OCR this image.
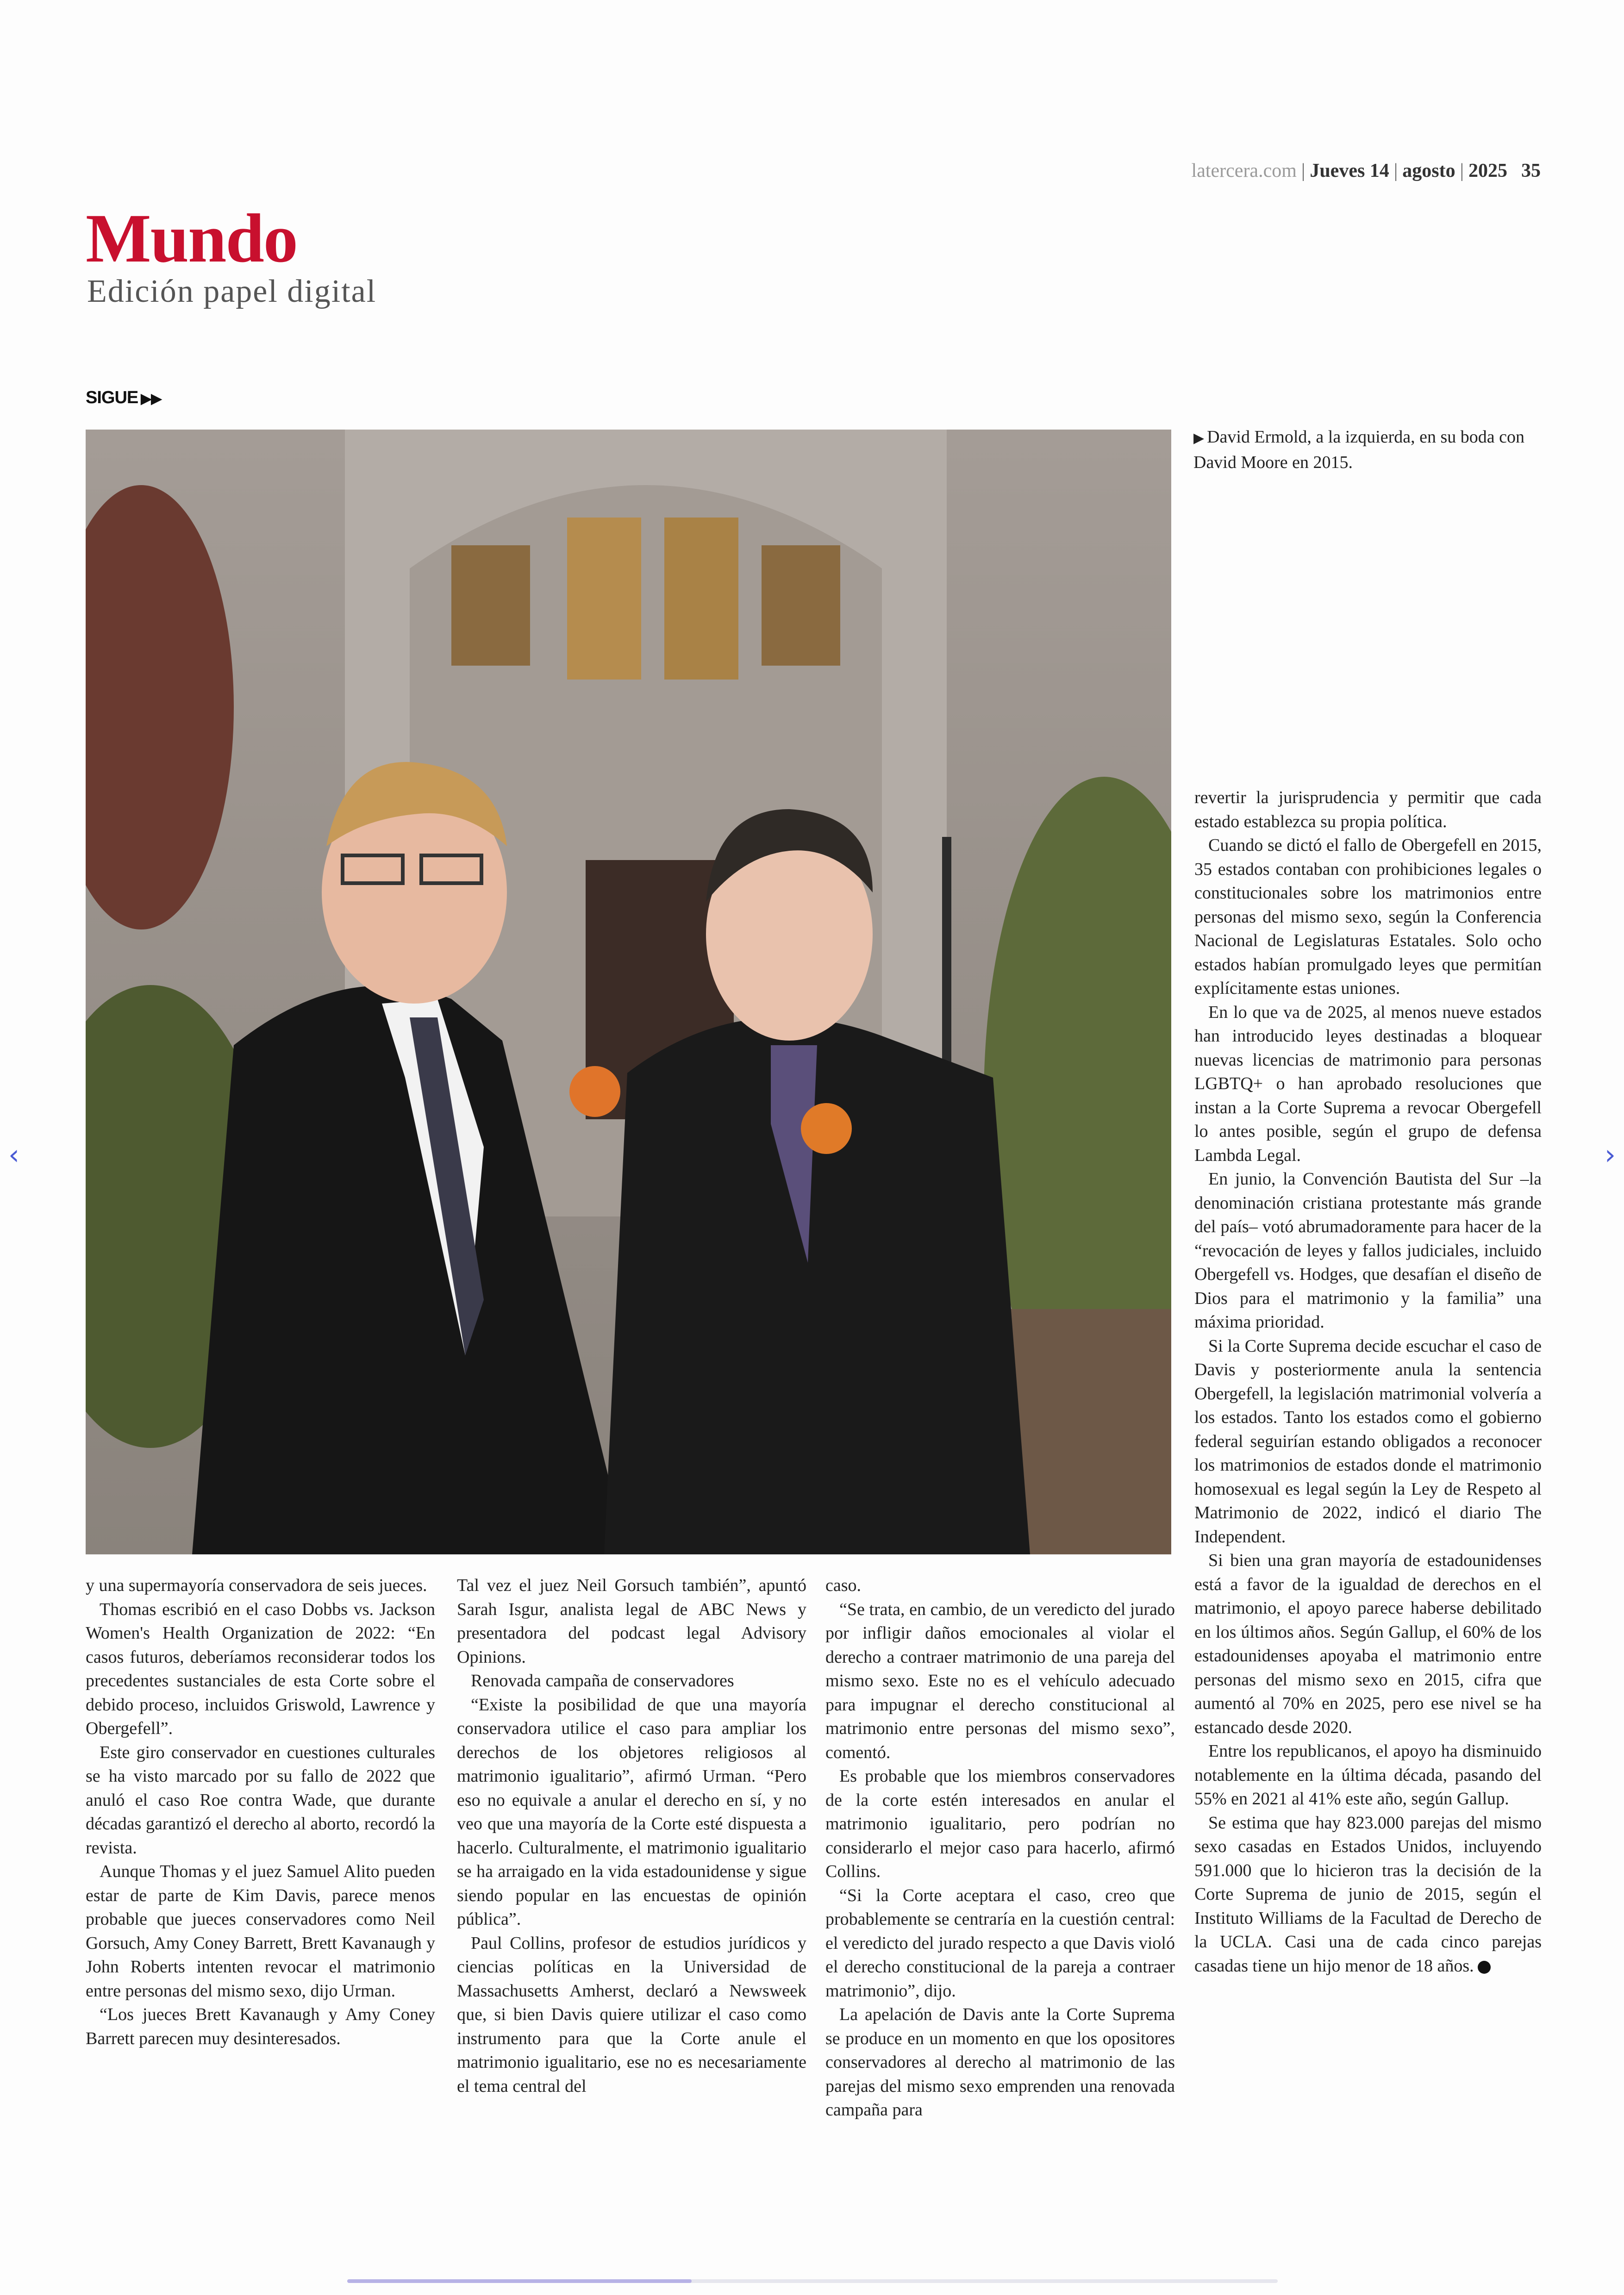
latercera.com | Jueves 14 | agosto | 2025 35
Mundo
Edición papel digital
SIGUE ▶▶
▶ David Ermold, a la izquierda, en su boda con David Moore en 2015.

y una supermayoría conservadora de seis jueces.

Thomas escribió en el caso Dobbs vs. Jackson Women's Health Organization de 2022: “En casos futuros, deberíamos reconsiderar todos los precedentes sustanciales de esta Corte sobre el debido proceso, incluidos Griswold, Lawrence y Obergefell”.

Este giro conservador en cuestiones culturales se ha visto marcado por su fallo de 2022 que anuló el caso Roe contra Wade, que durante décadas garantizó el derecho al aborto, recordó la revista.

Aunque Thomas y el juez Samuel Alito pueden estar de parte de Kim Davis, parece menos probable que jueces conservadores como Neil Gorsuch, Amy Coney Barrett, Brett Kavanaugh y John Roberts intenten revocar el matrimonio entre personas del mismo sexo, dijo Urman.

“Los jueces Brett Kavanaugh y Amy Coney Barrett parecen muy desinteresados.

Tal vez el juez Neil Gorsuch también”, apuntó Sarah Isgur, analista legal de ABC News y presentadora del podcast legal Advisory Opinions.

Renovada campaña de conservadores

“Existe la posibilidad de que una mayoría conservadora utilice el caso para ampliar los derechos de los objetores religiosos al matrimonio igualitario”, afirmó Urman. “Pero eso no equivale a anular el derecho en sí, y no veo que una mayoría de la Corte esté dispuesta a hacerlo. Culturalmente, el matrimonio igualitario se ha arraigado en la vida estadounidense y sigue siendo popular en las encuestas de opinión pública”.

Paul Collins, profesor de estudios jurídicos y ciencias políticas en la Universidad de Massachusetts Amherst, declaró a Newsweek que, si bien Davis quiere utilizar el caso como instrumento para que la Corte anule el matrimonio igualitario, ese no es necesariamente el tema central del

caso.

“Se trata, en cambio, de un veredicto del jurado por infligir daños emocionales al violar el derecho a contraer matrimonio de una pareja del mismo sexo. Este no es el vehículo adecuado para impugnar el derecho constitucional al matrimonio entre personas del mismo sexo”, comentó.

Es probable que los miembros conservadores de la corte estén interesados en anular el matrimonio igualitario, pero podrían no considerarlo el mejor caso para hacerlo, afirmó Collins.

“Si la Corte aceptara el caso, creo que probablemente se centraría en la cuestión central: el veredicto del jurado respecto a que Davis violó el derecho constitucional de la pareja a contraer matrimonio”, dijo.

La apelación de Davis ante la Corte Suprema se produce en un momento en que los opositores conservadores al derecho al matrimonio de las parejas del mismo sexo emprenden una renovada campaña para

revertir la jurisprudencia y permitir que cada estado establezca su propia política.

Cuando se dictó el fallo de Obergefell en 2015, 35 estados contaban con prohibiciones legales o constitucionales sobre los matrimonios entre personas del mismo sexo, según la Conferencia Nacional de Legislaturas Estatales. Solo ocho estados habían promulgado leyes que permitían explícitamente estas uniones.

En lo que va de 2025, al menos nueve estados han introducido leyes destinadas a bloquear nuevas licencias de matrimonio para personas LGBTQ+ o han aprobado resoluciones que instan a la Corte Suprema a revocar Obergefell lo antes posible, según el grupo de defensa Lambda Legal.

En junio, la Convención Bautista del Sur –la denominación cristiana protestante más grande del país– votó abrumadoramente para hacer de la “revocación de leyes y fallos judiciales, incluido Obergefell vs. Hodges, que desafían el diseño de Dios para el matrimonio y la familia” una máxima prioridad.

Si la Corte Suprema decide escuchar el caso de Davis y posteriormente anula la sentencia Obergefell, la legislación matrimonial volvería a los estados. Tanto los estados como el gobierno federal seguirían estando obligados a reconocer los matrimonios de estados donde el matrimonio homosexual es legal según la Ley de Respeto al Matrimonio de 2022, indicó el diario The Independent.

Si bien una gran mayoría de estadounidenses está a favor de la igualdad de derechos en el matrimonio, el apoyo parece haberse debilitado en los últimos años. Según Gallup, el 60% de los estadounidenses apoyaba el matrimonio entre personas del mismo sexo en 2015, cifra que aumentó al 70% en 2025, pero ese nivel se ha estancado desde 2020.

Entre los republicanos, el apoyo ha disminuido notablemente en la última década, pasando del 55% en 2021 al 41% este año, según Gallup.

Se estima que hay 823.000 parejas del mismo sexo casadas en Estados Unidos, incluyendo 591.000 que lo hicieron tras la decisión de la Corte Suprema de junio de 2015, según el Instituto Williams de la Facultad de Derecho de la UCLA. Casi una de cada cinco parejas casadas tiene un hijo menor de 18 años.

‹	›
